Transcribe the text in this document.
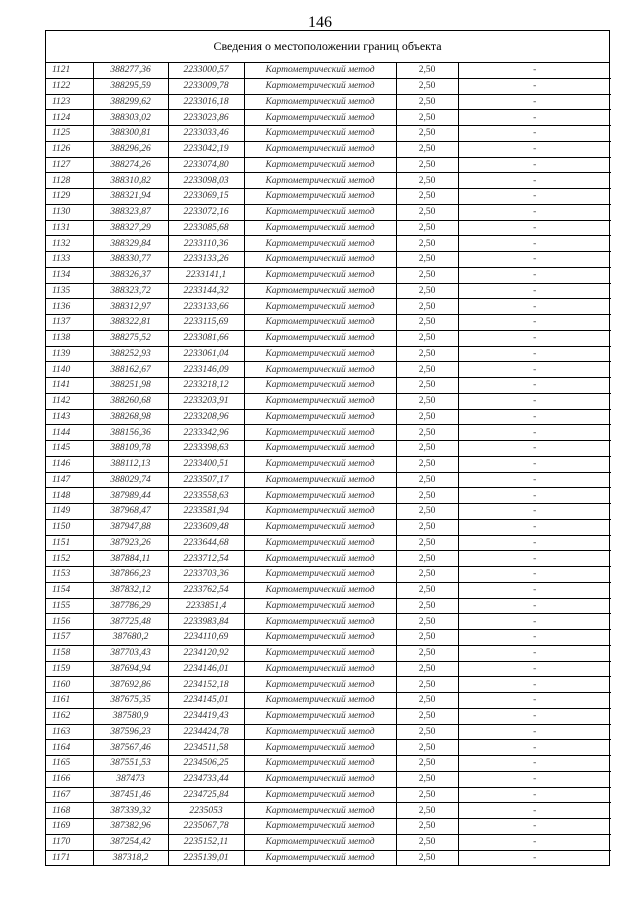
146
Сведения о местоположении границ объекта
1121	388277,36	2233000,57	Картометрический метод	2,50	-
1122	388295,59	2233009,78	Картометрический метод	2,50	-
1123	388299,62	2233016,18	Картометрический метод	2,50	-
1124	388303,02	2233023,86	Картометрический метод	2,50	-
1125	388300,81	2233033,46	Картометрический метод	2,50	-
1126	388296,26	2233042,19	Картометрический метод	2,50	-
1127	388274,26	2233074,80	Картометрический метод	2,50	-
1128	388310,82	2233098,03	Картометрический метод	2,50	-
1129	388321,94	2233069,15	Картометрический метод	2,50	-
1130	388323,87	2233072,16	Картометрический метод	2,50	-
1131	388327,29	2233085,68	Картометрический метод	2,50	-
1132	388329,84	2233110,36	Картометрический метод	2,50	-
1133	388330,77	2233133,26	Картометрический метод	2,50	-
1134	388326,37	2233141,1	Картометрический метод	2,50	-
1135	388323,72	2233144,32	Картометрический метод	2,50	-
1136	388312,97	2233133,66	Картометрический метод	2,50	-
1137	388322,81	2233115,69	Картометрический метод	2,50	-
1138	388275,52	2233081,66	Картометрический метод	2,50	-
1139	388252,93	2233061,04	Картометрический метод	2,50	-
1140	388162,67	2233146,09	Картометрический метод	2,50	-
1141	388251,98	2233218,12	Картометрический метод	2,50	-
1142	388260,68	2233203,91	Картометрический метод	2,50	-
1143	388268,98	2233208,96	Картометрический метод	2,50	-
1144	388156,36	2233342,96	Картометрический метод	2,50	-
1145	388109,78	2233398,63	Картометрический метод	2,50	-
1146	388112,13	2233400,51	Картометрический метод	2,50	-
1147	388029,74	2233507,17	Картометрический метод	2,50	-
1148	387989,44	2233558,63	Картометрический метод	2,50	-
1149	387968,47	2233581,94	Картометрический метод	2,50	-
1150	387947,88	2233609,48	Картометрический метод	2,50	-
1151	387923,26	2233644,68	Картометрический метод	2,50	-
1152	387884,11	2233712,54	Картометрический метод	2,50	-
1153	387866,23	2233703,36	Картометрический метод	2,50	-
1154	387832,12	2233762,54	Картометрический метод	2,50	-
1155	387786,29	2233851,4	Картометрический метод	2,50	-
1156	387725,48	2233983,84	Картометрический метод	2,50	-
1157	387680,2	2234110,69	Картометрический метод	2,50	-
1158	387703,43	2234120,92	Картометрический метод	2,50	-
1159	387694,94	2234146,01	Картометрический метод	2,50	-
1160	387692,86	2234152,18	Картометрический метод	2,50	-
1161	387675,35	2234145,01	Картометрический метод	2,50	-
1162	387580,9	2234419,43	Картометрический метод	2,50	-
1163	387596,23	2234424,78	Картометрический метод	2,50	-
1164	387567,46	2234511,58	Картометрический метод	2,50	-
1165	387551,53	2234506,25	Картометрический метод	2,50	-
1166	387473	2234733,44	Картометрический метод	2,50	-
1167	387451,46	2234725,84	Картометрический метод	2,50	-
1168	387339,32	2235053	Картометрический метод	2,50	-
1169	387382,96	2235067,78	Картометрический метод	2,50	-
1170	387254,42	2235152,11	Картометрический метод	2,50	-
1171	387318,2	2235139,01	Картометрический метод	2,50	-
